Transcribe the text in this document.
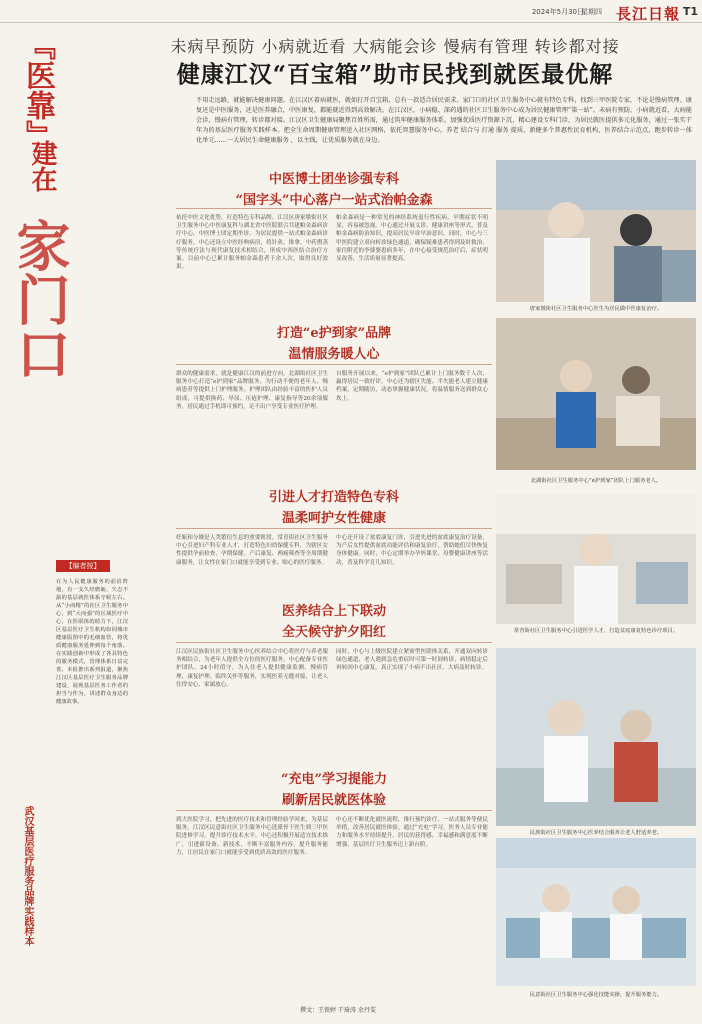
2024年5月30日
星期四 長江日報 T1
『医靠』
建在
家门口
未病早预防 小病就近看 大病能会诊 慢病有管理 转诊都对接
健康江汉“百宝箱”助市民找到就医最优解
不用走远路，就能解决健康问题。在江汉区着病就医，就如打开百宝箱，总有一款适合居民需求。家门口的社区卫生服务中心就有特色专科，找到三甲医院专家，不论是慢病管理、康复还是中医服务，还是医养融合，中医康复，都能就近得到高效解决。在江汉区，小病稳、深药遇的社区卫生服务中心成为居民健康管理“第一站”。未病有预防，小病就近看，大病能会诊，慢病有管理，转诊都对接。江汉区卫生健康局聚焦百姓所需，通过筑牢健康服务体系，加强优质医疗资源下沉，精心建设专科门诊，为居民就医提供多元化服务，通过一张实干年为的基层医疗服务实践样本。把全生命周期健康管理送入社区网格，依托智慧服务中心，养老 结合与 打通 服务 提质，新健多个普惠性民育机构，医养结合示范点，跑步转诊一体化单元……一大居民生命健康服务 ，以主线，让优质服务就在身边。
中医博士团坐诊强专科
“国字头”中心落户一站式治帕金森
依托中医文化优势，打造特色专科品牌。江汉区唐家墩街社区卫生服务中心中医康复科与湖北省中医院联合共建帕金森病诊疗中心，中医博士团定期坐诊，为居民提供一站式帕金森病诊疗服务，中心还设立中医经典病房，将针灸、推拿、中药熏蒸等传统疗法与现代康复技术相结合，形成中西医结合治疗方案。目前中心已累计服务帕金森患者千余人次，取得良好效果。
帕金森病是一种常见的神经系统退行性疾病，早期症状不明显，容易被忽视。中心通过开展义诊、健康讲座等形式，普及帕金森病防治知识，提高居民早诊早治意识。同时，中心与三甲医院建立双向转诊绿色通道，确保疑难患者得到及时救治。家住附近的李婆婆患病多年，在中心接受规范治疗后，症状明显改善，生活质量显著提高。
唐家墩街社区卫生服务中心医生为居民做中医康复治疗。
打造“e护到家”品牌
温情服务暖人心
群众的健康需求，就是健康江汉的前进方向。北湖街社区卫生服务中心打造“e护到家”品牌服务，为行动不便的老年人、慢病患者等提供上门护理服务。护理团队由经验丰富的医护人员组成，可提供换药、导尿、压疮护理、康复指导等20余项服务，居民通过手机即可预约，足不出户享受专业医疗护理。
自服务开展以来，“e护到家”团队已累计上门服务数千人次，赢得居民一致好评。中心还为辖区失能、半失能老人建立健康档案，定期随访，动态掌握健康状况，将温情服务送到群众心坎上。
北湖街社区卫生服务中心“e护到家”团队上门服务老人。
引进人才打造特色专科
温柔呵护女性健康
妊娠和分娩是人类繁衍生息的重要阶段。常青街社区卫生服务中心引进妇产科专业人才，打造特色妇幼保健专科，为辖区女性提供孕前检查、孕期保健、产后康复、两癌筛查等全周期健康服务，让女性在家门口就能享受到专业、贴心的医疗服务。
中心还开设了盆底康复门诊，引进先进的盆底康复治疗设备，为产后女性提供盆底功能评估和康复治疗，帮助她们尽快恢复身体健康。同时，中心定期举办孕妈课堂、母婴健康讲座等活动，普及科学育儿知识。
常青街社区卫生服务中心引进医学人才，打造盆底康复特色诊疗项目。
医养结合上下联动
全天候守护夕阳红
江汉区民族街社区卫生服务中心医养结合中心将医疗与养老服务相结合，为老年人提供全方位的医疗服务。中心配备专业医护团队，24小时值守，为入住老人提供健康监测、慢病管理、康复护理、临终关怀等服务，实现医养无缝对接，让老人住得安心、家属放心。
同时，中心与上级医院建立紧密型医联体关系，开通双向转诊绿色通道，老人遇到急危重症时可第一时间转诊，病情稳定后再转回中心康复，真正实现了小病不出社区、大病及时转诊。
民族街社区卫生服务中心医养结合服务让老人舒适养老。
“充电”学习提能力
刷新居民就医体验
到大医院学习，把先进的医疗技术和管理经验学回来，为基层服务。江汉区民意街社区卫生服务中心选派骨干医生到三甲医院进修学习，提升诊疗技术水平。中心还积极开展适宜技术推广，引进新设备、新技术，不断丰富服务内容，提升服务能力，让居民在家门口就能享受到优质高效的医疗服务。
中心还不断优化就医流程，推行预约诊疗、一站式服务等便民举措，改善居民就医体验。通过“充电”学习，医务人员专业能力和服务水平持续提升，居民的获得感、幸福感和满意度不断增强，基层医疗卫生服务迈上新台阶。
民意街社区卫生服务中心强化技能实操，提升服务能力。
【编者按】
在为人民健康服务的前沿阵地，有一支久经磨砺、矢志不渝的基层就医体系守候左右。从“小而精”的社区卫生服务中心，到“大而强”的区域医疗中心，在医联体的助力下，江汉区基层医疗卫生机构如同城市健康版图中的毛细血管，将优质健康服务延伸到每个角落。在实践创新中形成了各具特色的服务模式，管理体系日益完善。本报推出系列报道，聚焦江汉区基层医疗卫生服务品牌建设，展现基层医务工作者的担当与作为，讲述群众身边的健康故事。
武汉基层医疗服务品牌实践样本
撰文：王铁婷 干琦涛 余丹雯
